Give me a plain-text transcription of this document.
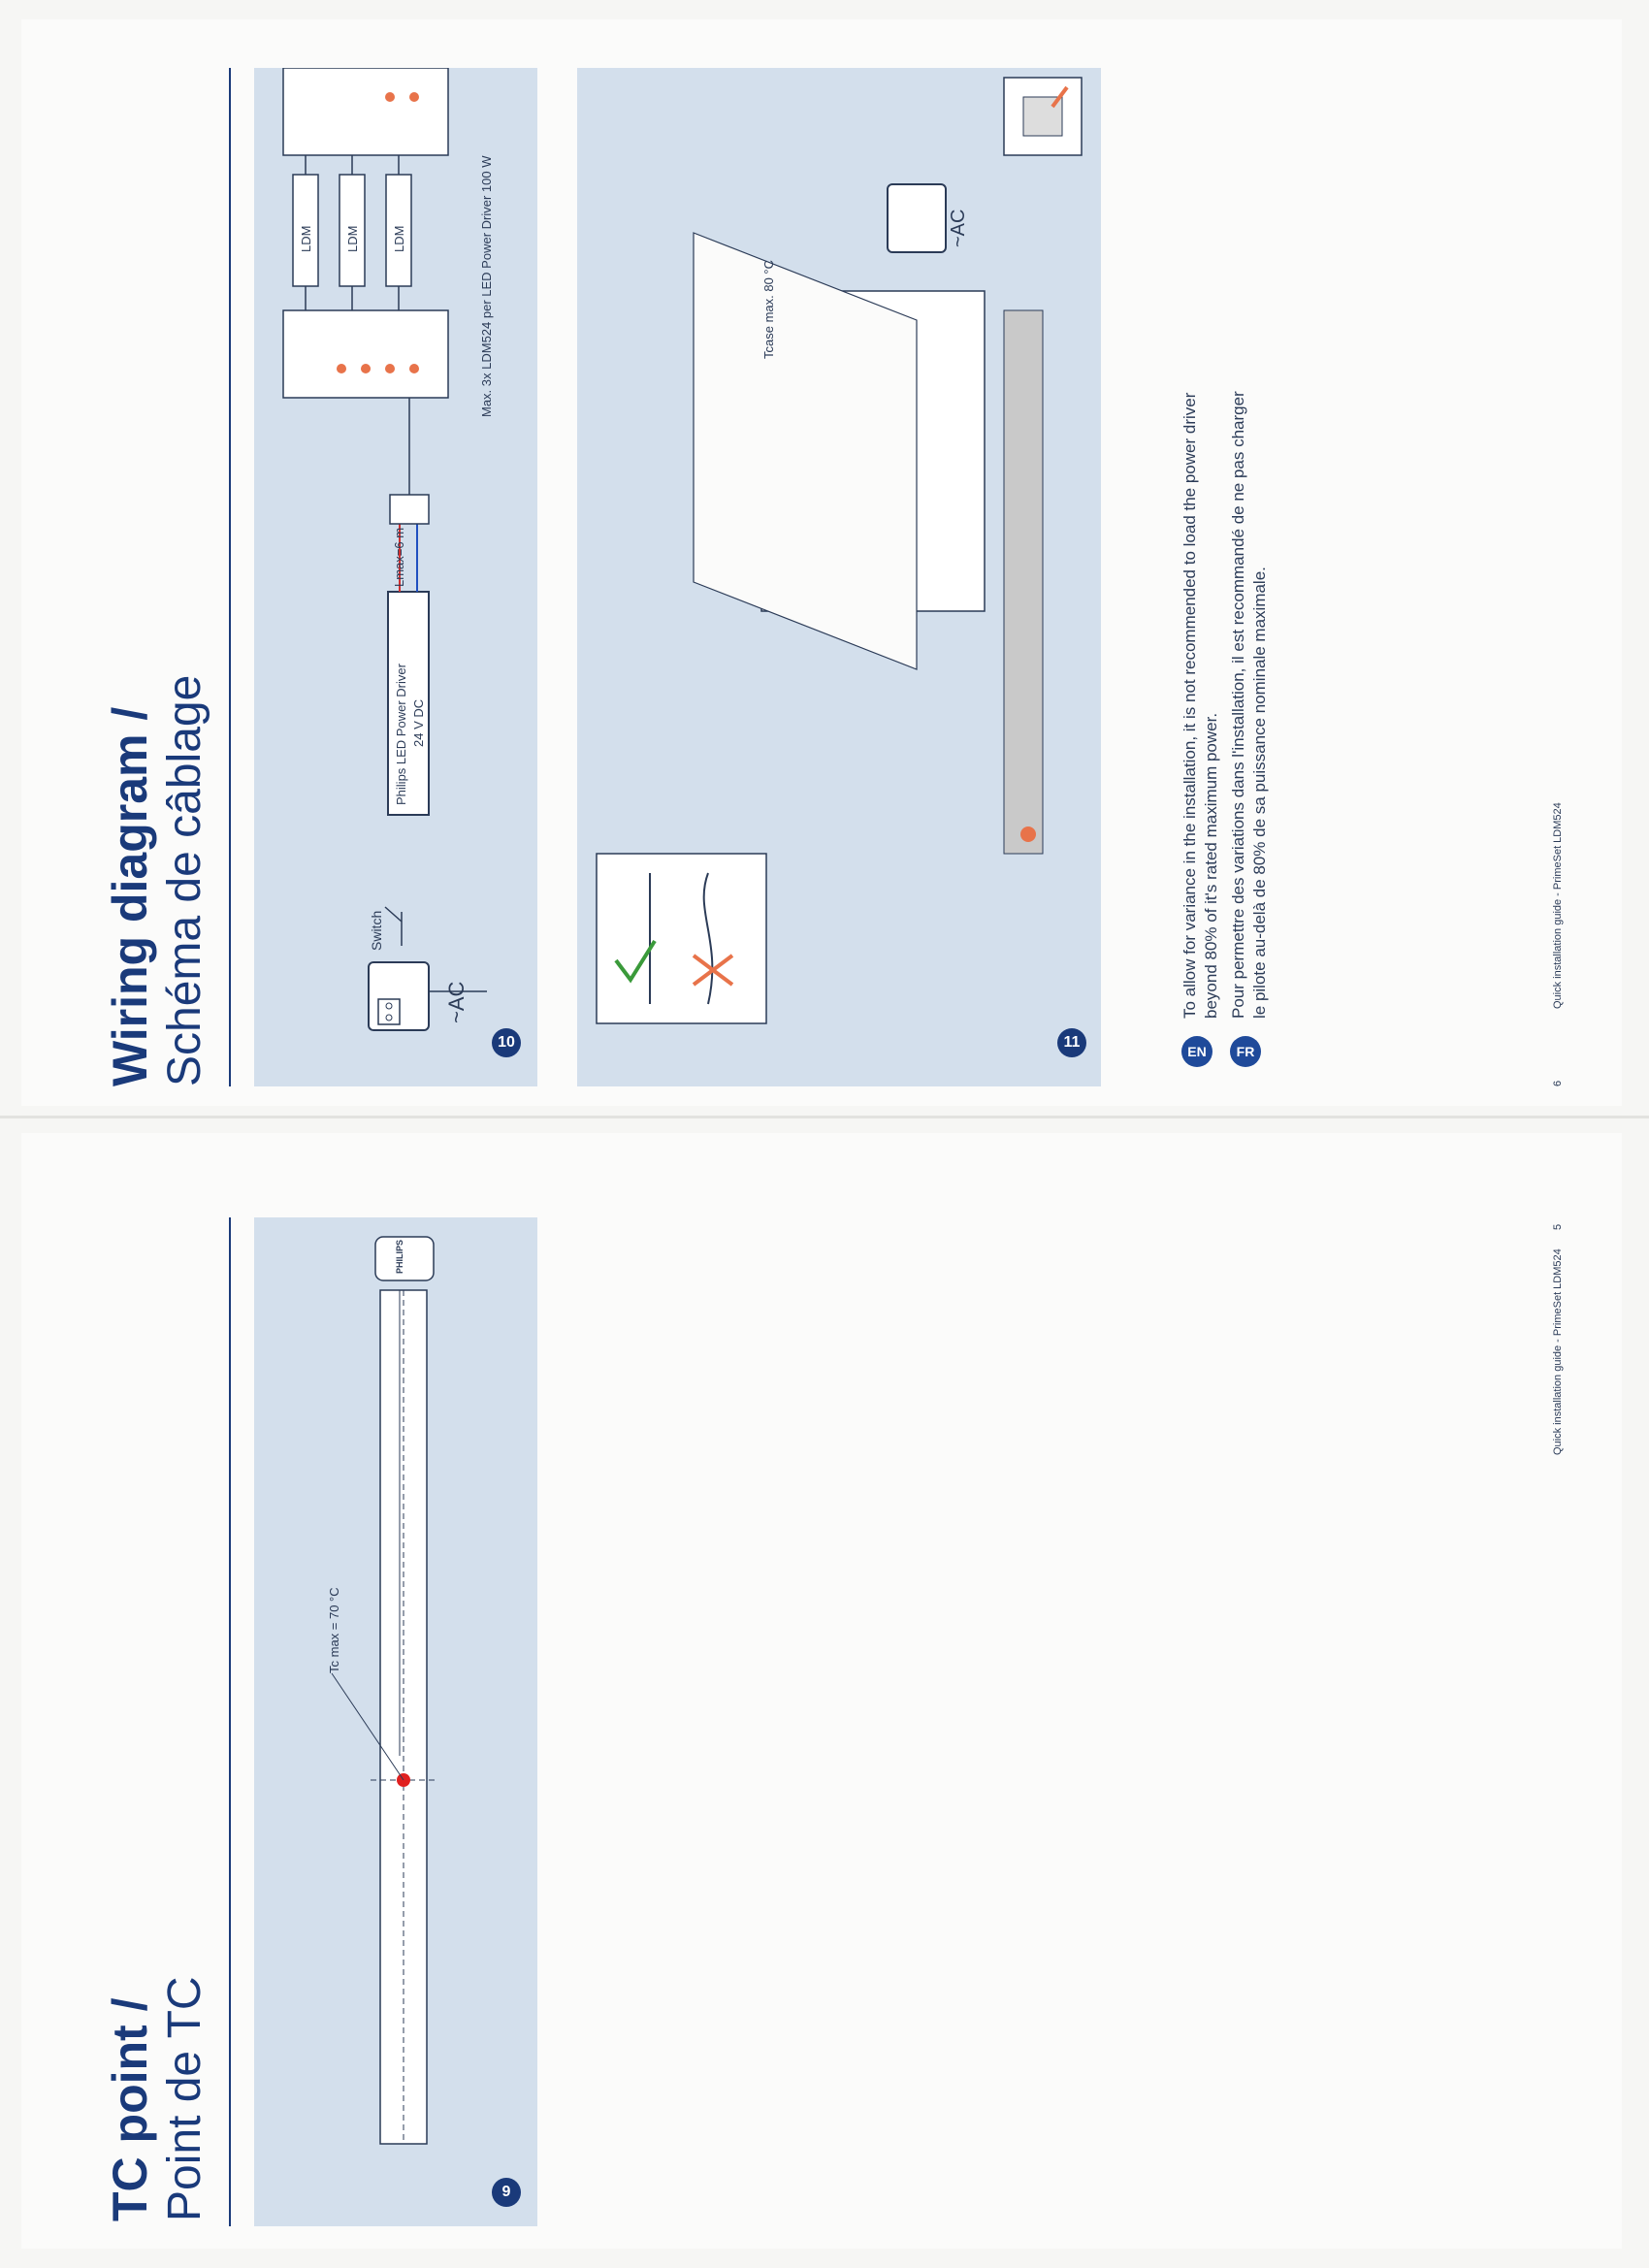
Wiring diagram / Schéma de câblage	10
~AC
Switch
Philips LED Power Driver 24 V DC
Lmax=6 m
LDM	LDM	LDM	Max. 3x LDM524 per LED Power Driver 100 W
11
~AC
Tcase max. 80 °C
EN
To allow for variance in the installation, it is not recommended to load the power driver beyond 80% of it's rated maximum power.
FR
Pour permettre des variations dans l'installation, il est recommandé de ne pas charger le pilote au-delà de 80% de sa puissance nominale maximale.
6
Quick installation guide - PrimeSet LDM524
TC point / Point de TC	9
Tc max = 70 °C
PHILIPS
5
Quick installation guide - PrimeSet LDM524
